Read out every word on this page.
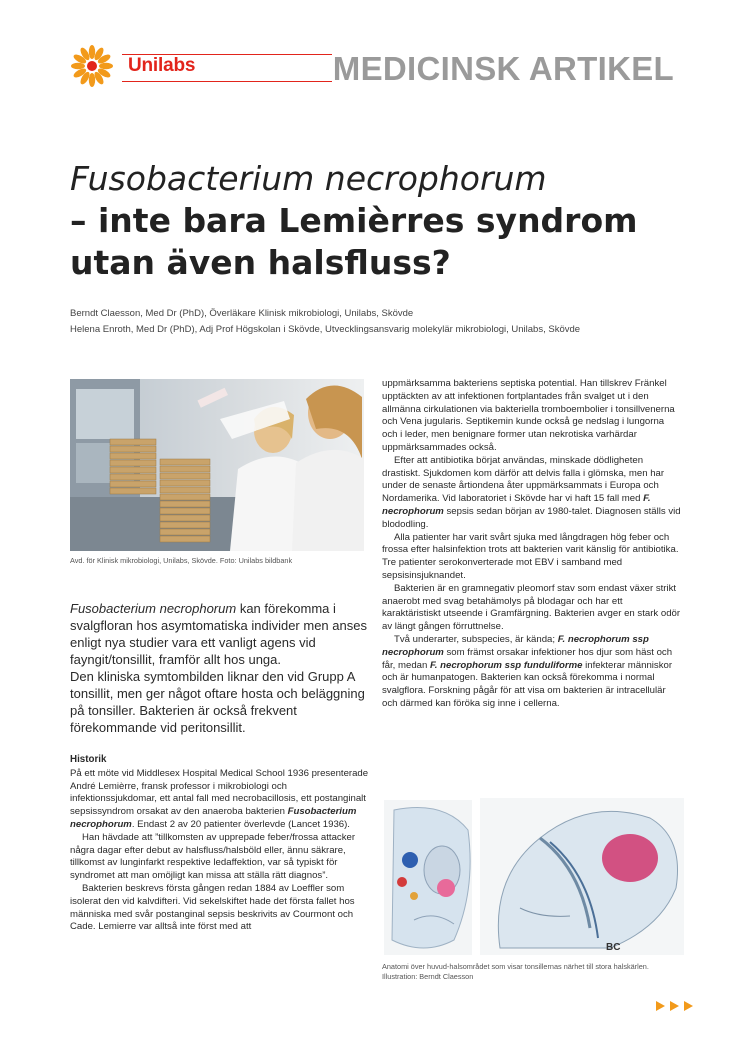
Unilabs	MEDICINSK ARTIKEL
Fusobacterium necrophorum
– inte bara Lemièrres syndrom
utan även halsfluss?
Berndt Claesson, Med Dr (PhD), Överläkare Klinisk mikrobiologi, Unilabs, Skövde
Helena Enroth, Med Dr (PhD), Adj Prof Högskolan i Skövde, Utvecklingsansvarig molekylär mikrobiologi, Unilabs, Skövde
Avd. för Klinisk mikrobiologi, Unilabs, Skövde. Foto: Unilabs bildbank

Fusobacterium necrophorum kan förekomma i svalgfloran hos asymtomatiska individer men anses enligt nya studier vara ett vanligt agens vid fayngit/tonsillit, framför allt hos unga.

Den kliniska symtombilden liknar den vid Grupp A tonsillit, men ger något oftare hosta och beläggning på tonsiller. Bakterien är också frekvent förekommande vid peritonsillit.

Historik

På ett möte vid Middlesex Hospital Medical School 1936 presenterade André Lemièrre, fransk professor i mikrobiologi och infektionssjukdomar, ett antal fall med necrobacillosis, ett postanginalt sepsissyndrom orsakat av den anaeroba bakterien Fusobacterium necrophorum. Endast 2 av 20 patienter överlevde (Lancet 1936).

Han hävdade att ”tillkomsten av upprepade feber/frossa attacker några dagar efter debut av halsfluss/halsböld eller, ännu säkrare, tillkomst av lunginfarkt respektive ledaffektion, var så typiskt för syndromet att man omöjligt kan missa att ställa rätt diagnos”.

Bakterien beskrevs första gången redan 1884 av Loeffler som isolerat den vid kalvdifteri. Vid sekelskiftet hade det första fallet hos människa med svår postanginal sepsis beskrivits av Courmont och Cade. Lemierre var alltså inte först med att

uppmärksamma bakteriens septiska potential. Han tillskrev Fränkel upptäckten av att infektionen fortplantades från svalget ut i den allmänna cirkulationen via bakteriella tromboembolier i tonsillvenerna och Vena jugularis. Septikemin kunde också ge nedslag i lungorna och i leder, men benignare former utan nekrotiska varhärdar uppmärksammades också.

Efter att antibiotika börjat användas, minskade dödligheten drastiskt. Sjukdomen kom därför att delvis falla i glömska, men har under de senaste årtiondena åter uppmärksammats i Europa och Nordamerika. Vid laboratoriet i Skövde har vi haft 15 fall med F. necrophorum sepsis sedan början av 1980-talet. Diagnosen ställs vid blododling.

Alla patienter har varit svårt sjuka med långdragen hög feber och frossa efter halsinfektion trots att bakterien varit känslig för antibiotika. Tre patienter serokonverterade mot EBV i samband med sepsisinsjuknandet.

Bakterien är en gramnegativ pleomorf stav som endast växer strikt anaerobt med svag betahämolys på blodagar och har ett karaktäristiskt utseende i Gramfärgning. Bakterien avger en stark odör av längt gången förruttnelse.

Två underarter, subspecies, är kända; F. necrophorum ssp necrophorum som främst orsakar infektioner hos djur som häst och får, medan F. necrophorum ssp funduliforme infekterar människor och är humanpatogen. Bakterien kan också förekomma i normal svalgflora. Forskning pågår för att visa om bakterien är intracellulär och därmed kan föröka sig inne i cellerna.

BC
Anatomi över huvud-halsområdet som visar tonsillernas närhet till stora halskärlen. Illustration: Berndt Claesson
